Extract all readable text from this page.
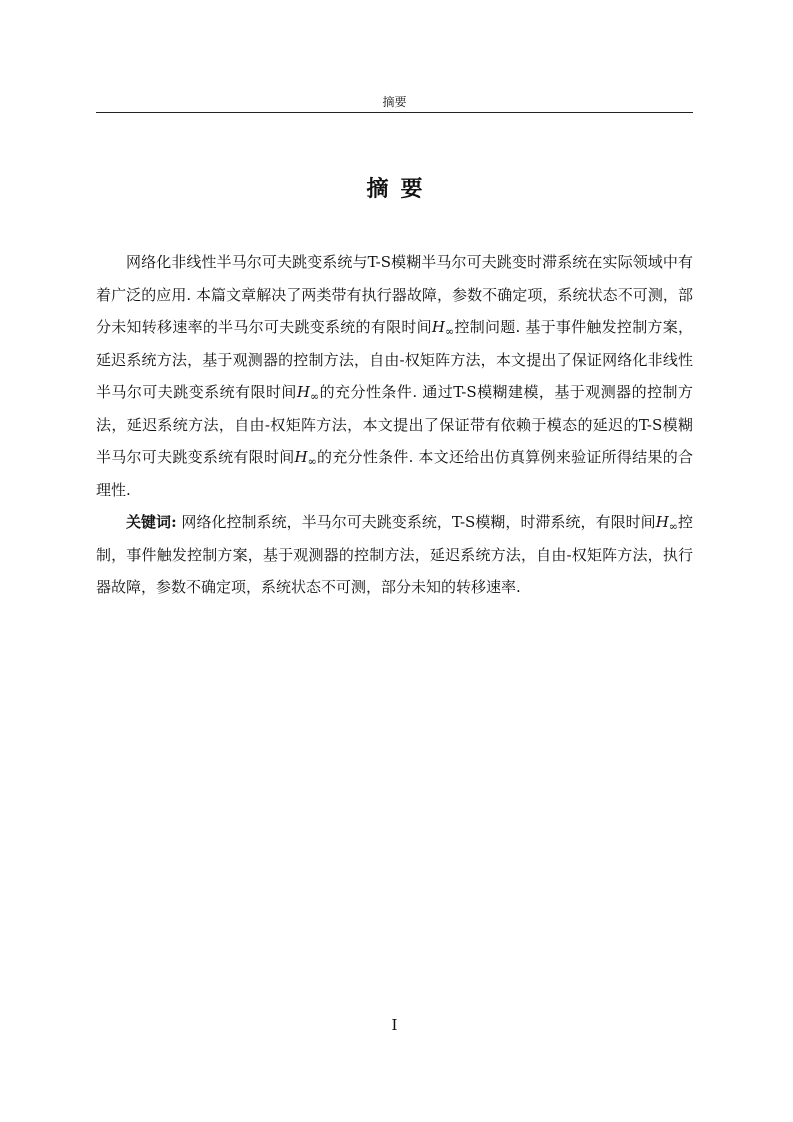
摘要
摘要

网络化非线性半马尔可夫跳变系统与T-S模糊半马尔可夫跳变时滞系统在实际领域中有着广泛的应用. 本篇文章解决了两类带有执行器故障，参数不确定项，系统状态不可测，部分未知转移速率的半马尔可夫跳变系统的有限时间$H_\infty$控制问题. 基于事件触发控制方案，延迟系统方法，基于观测器的控制方法，自由-权矩阵方法，本文提出了保证网络化非线性半马尔可夫跳变系统有限时间$H_\infty$的充分性条件. 通过T-S模糊建模，基于观测器的控制方法，延迟系统方法，自由-权矩阵方法，本文提出了保证带有依赖于模态的延迟的T-S模糊半马尔可夫跳变系统有限时间$H_\infty$的充分性条件. 本文还给出仿真算例来验证所得结果的合理性.

关键词: 网络化控制系统，半马尔可夫跳变系统，T-S模糊，时滞系统，有限时间$H_\infty$控制，事件触发控制方案，基于观测器的控制方法，延迟系统方法，自由-权矩阵方法，执行器故障，参数不确定项，系统状态不可测，部分未知的转移速率.

I
